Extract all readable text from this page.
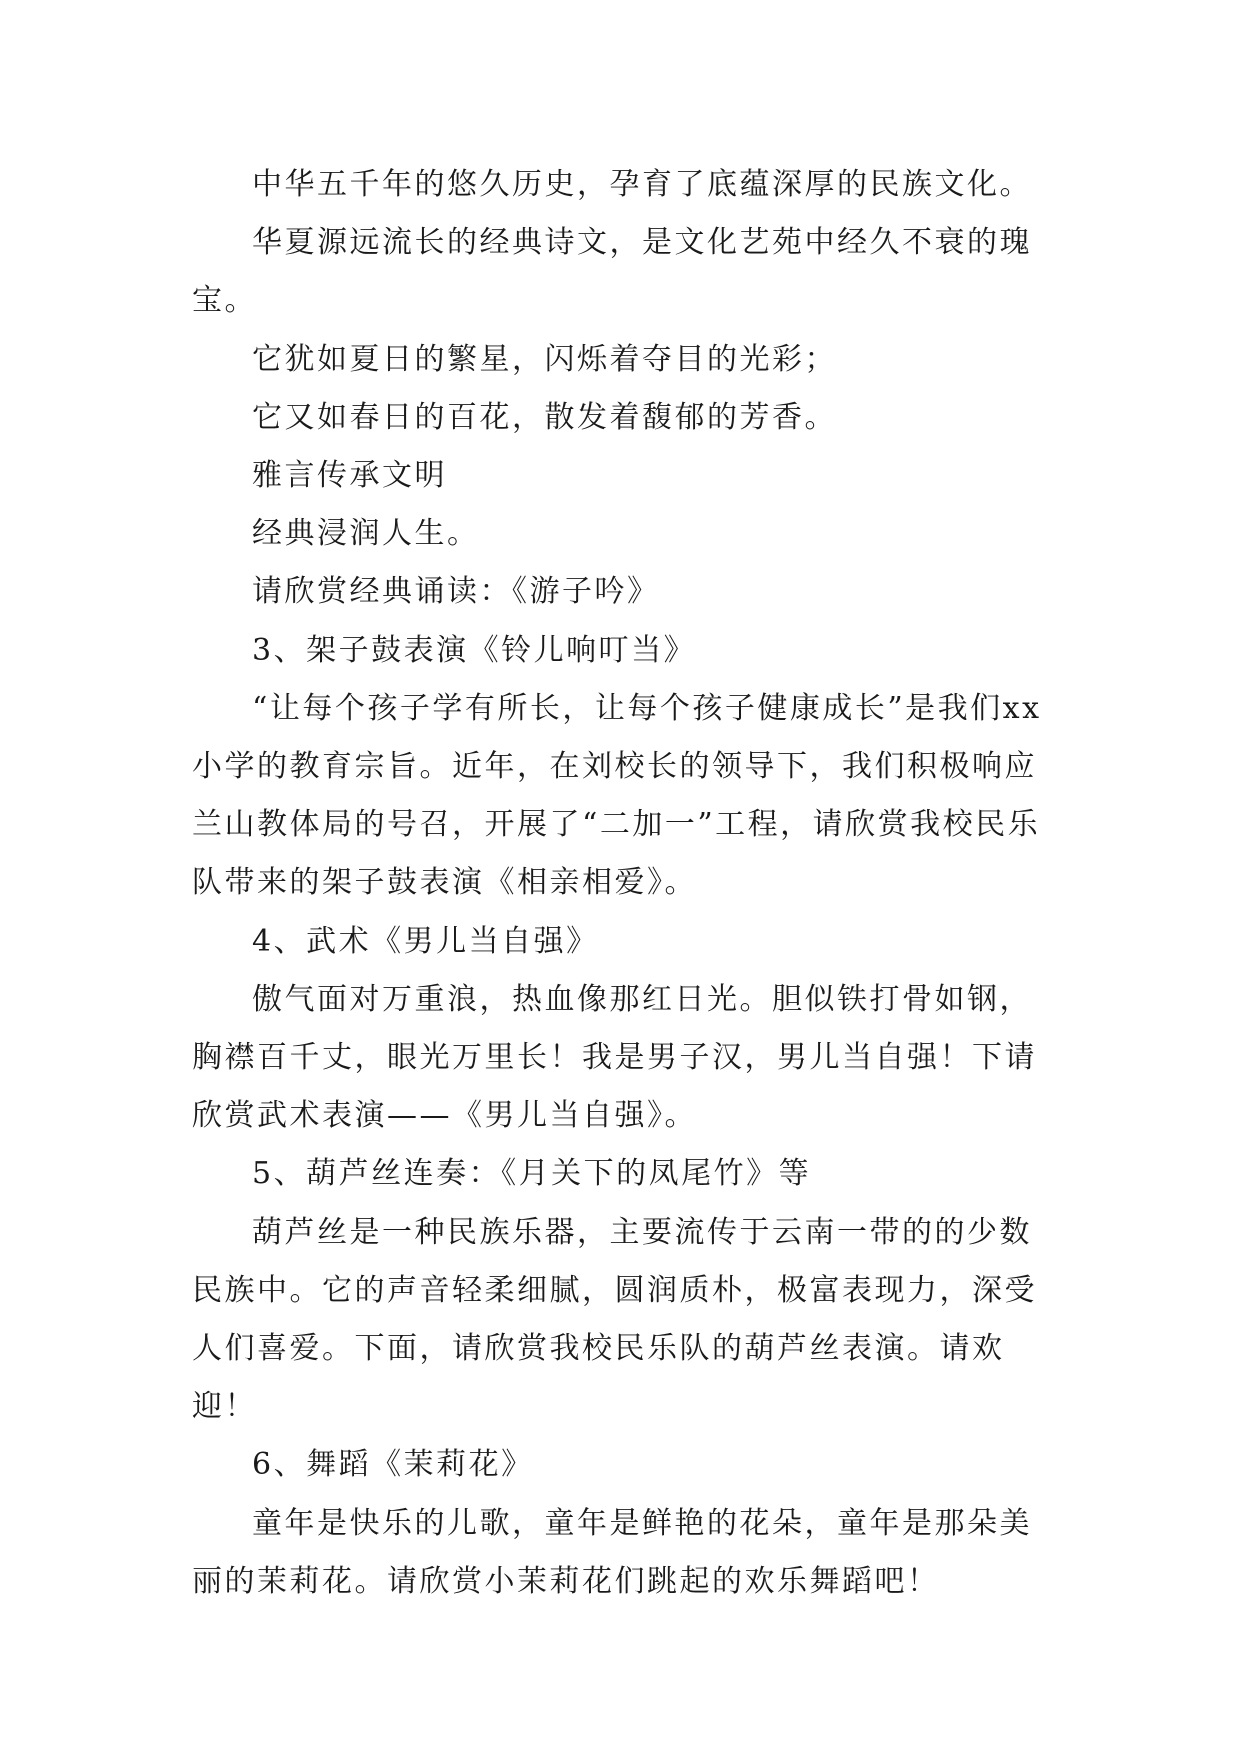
中华五千年的悠久历史，孕育了底蕴深厚的民族文化。

华夏源远流长的经典诗文，是文化艺苑中经久不衰的瑰宝。

它犹如夏日的繁星，闪烁着夺目的光彩；

它又如春日的百花，散发着馥郁的芳香。

雅言传承文明

经典浸润人生。

请欣赏经典诵读：《游子吟》

3、架子鼓表演《铃儿响叮当》

“让每个孩子学有所长，让每个孩子健康成长”是我们xx小学的教育宗旨。近年，在刘校长的领导下，我们积极响应兰山教体局的号召，开展了“二加一”工程，请欣赏我校民乐队带来的架子鼓表演《相亲相爱》。

4、武术《男儿当自强》

傲气面对万重浪，热血像那红日光。胆似铁打骨如钢，胸襟百千丈，眼光万里长！我是男子汉，男儿当自强！下请欣赏武术表演——《男儿当自强》。

5、葫芦丝连奏：《月关下的凤尾竹》等

葫芦丝是一种民族乐器，主要流传于云南一带的的少数民族中。它的声音轻柔细腻，圆润质朴，极富表现力，深受人们喜爱。下面，请欣赏我校民乐队的葫芦丝表演。请欢迎！

6、舞蹈《茉莉花》

童年是快乐的儿歌，童年是鲜艳的花朵，童年是那朵美丽的茉莉花。请欣赏小茉莉花们跳起的欢乐舞蹈吧！
